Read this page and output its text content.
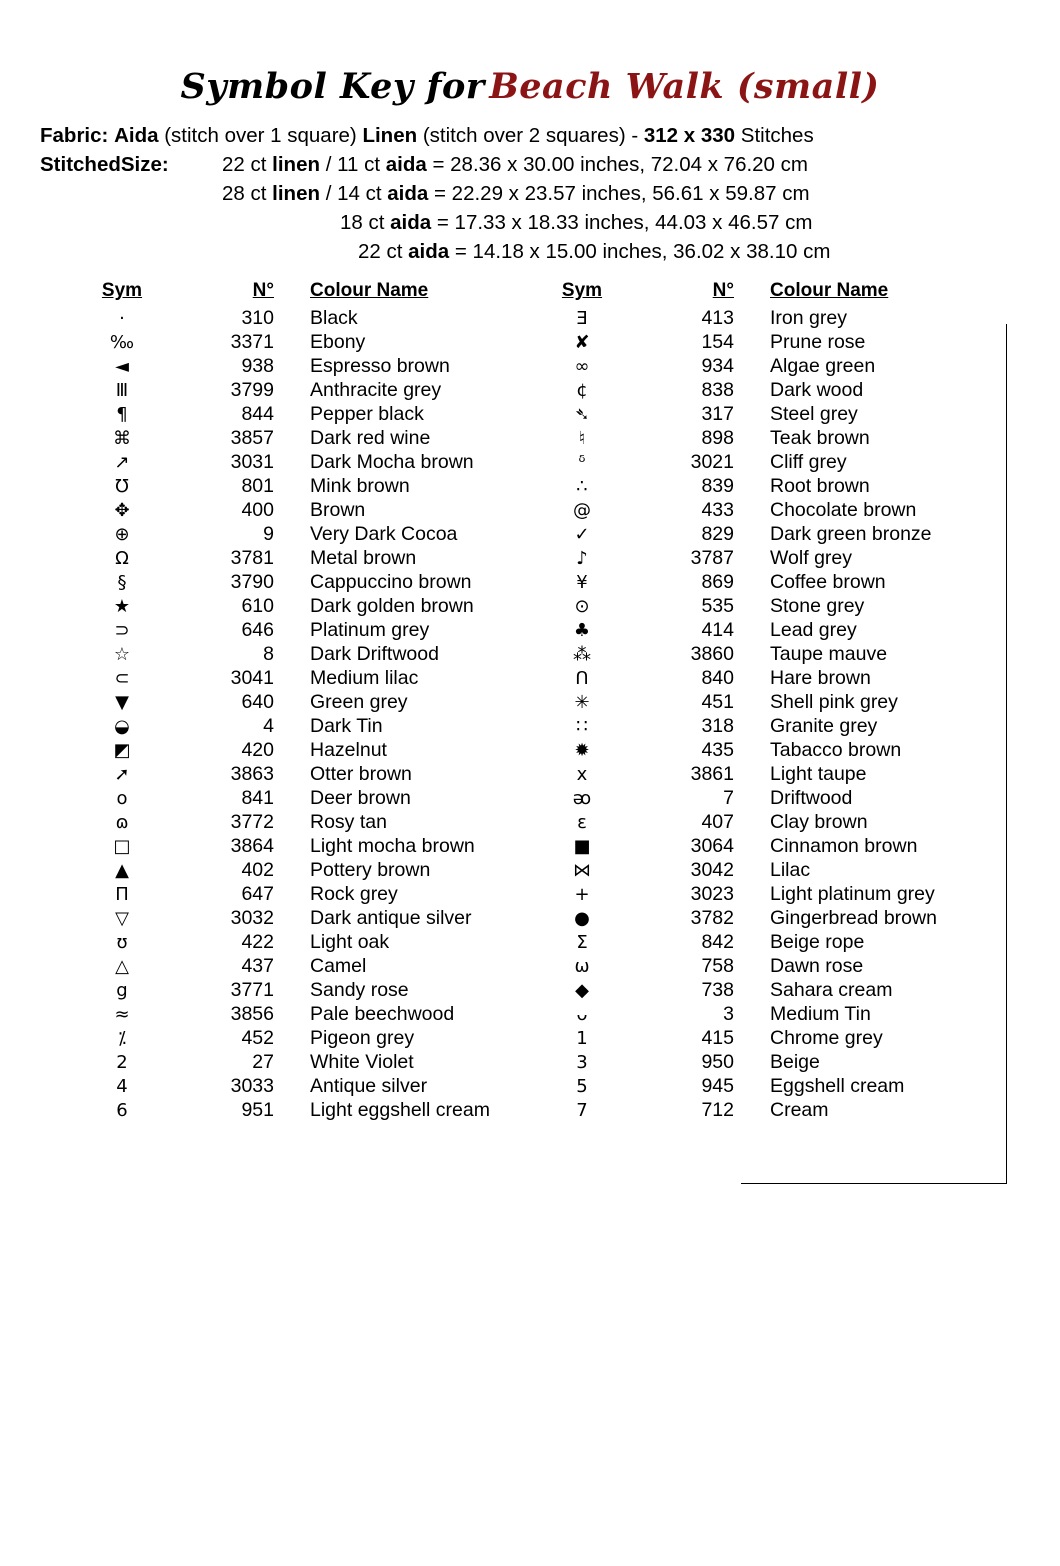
Symbol Key for Beach Walk (small)
Fabric: Aida (stitch over 1 square) Linen (stitch over 2 squares) - 312 x 330 Stitches
StitchedSize:	22 ct linen / 11 ct aida = 28.36 x 30.00 inches, 72.04 x 76.20 cm
28 ct linen / 14 ct aida = 22.29 x 23.57 inches, 56.61 x 59.87 cm
18 ct aida = 17.33 x 18.33 inches, 44.03 x 46.57 cm
22 ct aida = 14.18 x 15.00 inches, 36.02 x 38.10 cm
Sym	N°	Colour Name
·	310	Black
‰	3371	Ebony
◄	938	Espresso brown
Ⅲ	3799	Anthracite grey
¶	844	Pepper black
⌘	3857	Dark red wine
↗	3031	Dark Mocha brown
℧	801	Mink brown
✥	400	Brown
⊕	9	Very Dark Cocoa
Ω	3781	Metal brown
§	3790	Cappuccino brown
★	610	Dark golden brown
⊃	646	Platinum grey
☆	8	Dark Driftwood
⊂	3041	Medium lilac
▼	640	Green grey
◒	4	Dark Tin
◩	420	Hazelnut
➚	3863	Otter brown
o	841	Deer brown
ɷ	3772	Rosy tan
□	3864	Light mocha brown
▲	402	Pottery brown
Π	647	Rock grey
▽	3032	Dark antique silver
ʊ	422	Light oak
△	437	Camel
g	3771	Sandy rose
≈	3856	Pale beechwood
⁒	452	Pigeon grey
2	27	White Violet
4	3033	Antique silver
6	951	Light eggshell cream
Sym	N°	Colour Name
Ǝ	413	Iron grey
✘	154	Prune rose
∞	934	Algae green
¢	838	Dark wood
➴	317	Steel grey
♮	898	Teak brown
ᵟ	3021	Cliff grey
∴	839	Root brown
@	433	Chocolate brown
✓	829	Dark green bronze
♪	3787	Wolf grey
¥	869	Coffee brown
⊙	535	Stone grey
♣	414	Lead grey
⁂	3860	Taupe mauve
ᑎ	840	Hare brown
✳	451	Shell pink grey
∷	318	Granite grey
✹	435	Tabacco brown
x	3861	Light taupe
ᴔ	7	Driftwood
ɛ	407	Clay brown
■	3064	Cinnamon brown
⋈	3042	Lilac
+	3023	Light platinum grey
●	3782	Gingerbread brown
Σ	842	Beige rope
ω	758	Dawn rose
◆	738	Sahara cream
ᴗ	3	Medium Tin
1	415	Chrome grey
3	950	Beige
5	945	Eggshell cream
7	712	Cream
